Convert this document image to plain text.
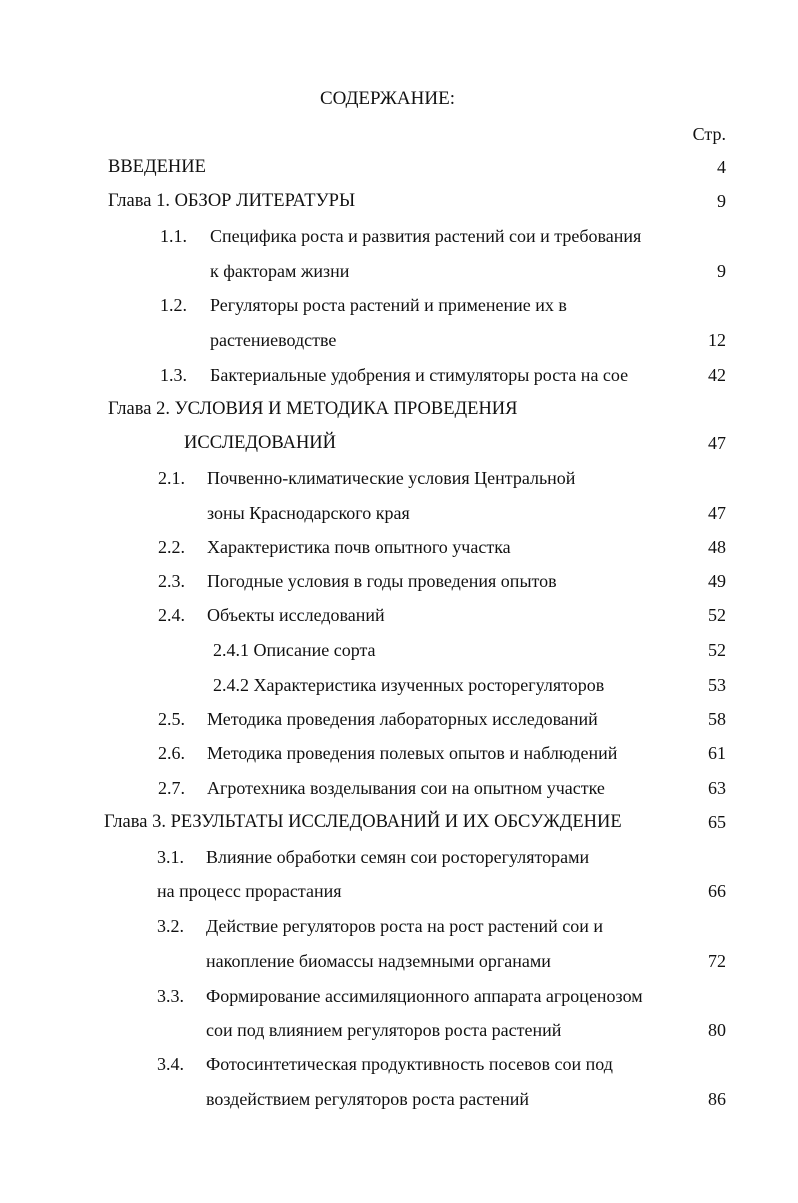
СОДЕРЖАНИЕ:
Стр.
ВВЕДЕНИЕ	4
Глава 1. ОБЗОР ЛИТЕРАТУРЫ	9
1.1. Специфика роста и развития растений сои и требования
к факторам жизни	9
1.2. Регуляторы роста растений и применение их в
растениеводстве	12
1.3. Бактериальные удобрения и стимуляторы роста на сое	42
Глава 2. УСЛОВИЯ И МЕТОДИКА ПРОВЕДЕНИЯ
ИССЛЕДОВАНИЙ	47
2.1. Почвенно-климатические условия Центральной
зоны Краснодарского края	47
2.2. Характеристика почв опытного участка	48
2.3. Погодные условия в годы проведения опытов	49
2.4. Объекты исследований	52
2.4.1 Описание сорта	52
2.4.2 Характеристика изученных росторегуляторов	53
2.5. Методика проведения лабораторных исследований	58
2.6. Методика проведения полевых опытов и наблюдений	61
2.7. Агротехника возделывания сои на опытном участке	63
Глава 3. РЕЗУЛЬТАТЫ ИССЛЕДОВАНИЙ И ИХ ОБСУЖДЕНИЕ	65
3.1. Влияние обработки семян сои росторегуляторами
на процесс прорастания	66
3.2. Действие регуляторов роста на рост растений сои и
накопление биомассы надземными органами	72
3.3. Формирование ассимиляционного аппарата агроценозом
сои под влиянием регуляторов роста растений	80
3.4. Фотосинтетическая продуктивность посевов сои под
воздействием регуляторов роста растений	86
